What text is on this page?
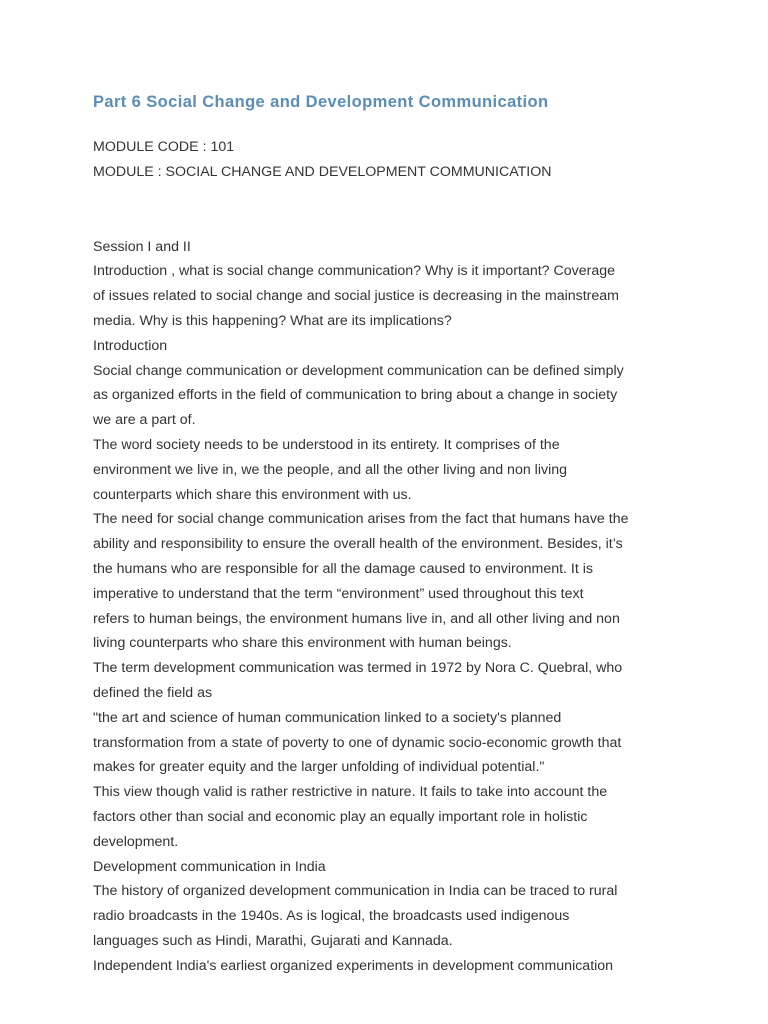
Part 6 Social Change and Development Communication

MODULE CODE : 101

MODULE : SOCIAL CHANGE AND DEVELOPMENT COMMUNICATION

Session I and II

Introduction , what is social change communication? Why is it important? Coverage

of issues related to social change and social justice is decreasing in the mainstream

media. Why is this happening? What are its implications?

Introduction

Social change communication or development communication can be defined simply

as organized efforts in the field of communication to bring about a change in society

we are a part of.

The word society needs to be understood in its entirety. It comprises of the

environment we live in, we the people, and all the other living and non living

counterparts which share this environment with us.

The need for social change communication arises from the fact that humans have the

ability and responsibility to ensure the overall health of the environment. Besides, it’s

the humans who are responsible for all the damage caused to environment. It is

imperative to understand that the term “environment” used throughout this text

refers to human beings, the environment humans live in, and all other living and non

living counterparts who share this environment with human beings.

The term development communication was termed in 1972 by Nora C. Quebral, who

defined the field as

"the art and science of human communication linked to a society's planned

transformation from a state of poverty to one of dynamic socio-economic growth that

makes for greater equity and the larger unfolding of individual potential."

This view though valid is rather restrictive in nature. It fails to take into account the

factors other than social and economic play an equally important role in holistic

development.

Development communication in India

The history of organized development communication in India can be traced to rural

radio broadcasts in the 1940s. As is logical, the broadcasts used indigenous

languages such as Hindi, Marathi, Gujarati and Kannada.

Independent India's earliest organized experiments in development communication
